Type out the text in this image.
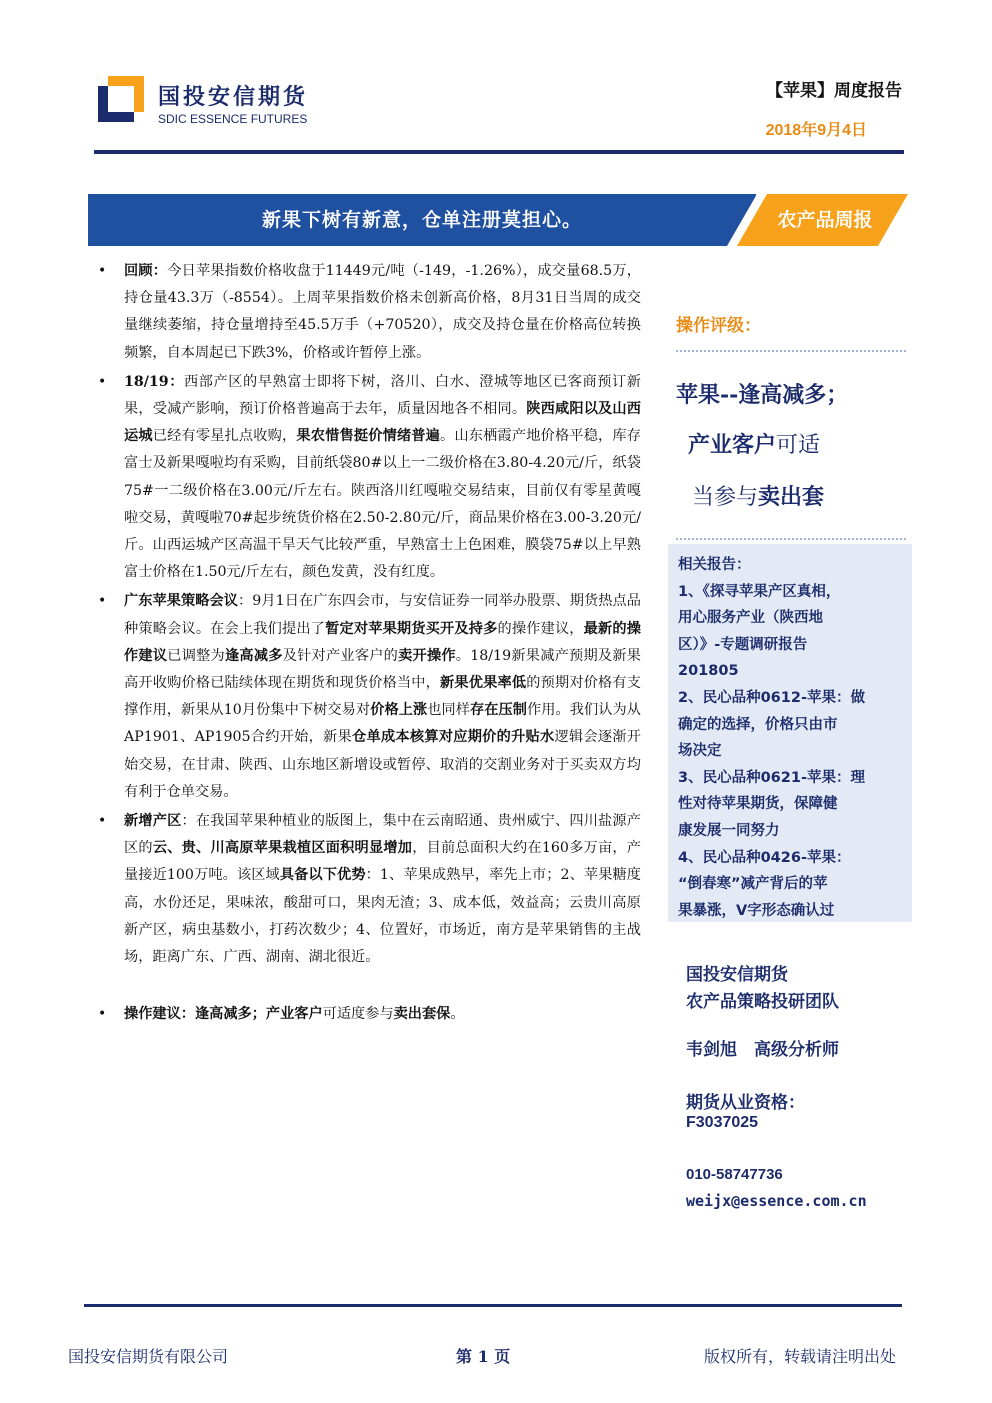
国投安信期货
SDIC ESSENCE FUTURES
【苹果】周度报告
2018年9月4日
新果下树有新意，仓单注册莫担心。	农产品周报
• 回顾：今日苹果指数价格收盘于11449元/吨（-149，-1.26%），成交量68.5万，持仓量43.3万（-8554）。上周苹果指数价格未创新高价格，8月31日当周的成交量继续萎缩，持仓量增持至45.5万手（+70520），成交及持仓量在价格高位转换频繁，自本周起已下跌3%，价格或许暂停上涨。
• 18/19：西部产区的早熟富士即将下树，洛川、白水、澄城等地区已客商预订新果，受减产影响，预订价格普遍高于去年，质量因地各不相同。陕西咸阳以及山西运城已经有零星扎点收购，果农惜售挺价情绪普遍。山东栖霞产地价格平稳，库存富士及新果嘎啦均有采购，目前纸袋80#以上一二级价格在3.80-4.20元/斤，纸袋75#一二级价格在3.00元/斤左右。陕西洛川红嘎啦交易结束，目前仅有零星黄嘎啦交易，黄嘎啦70#起步统货价格在2.50-2.80元/斤，商品果价格在3.00-3.20元/斤。山西运城产区高温干旱天气比较严重，早熟富士上色困难，膜袋75#以上早熟富士价格在1.50元/斤左右，颜色发黄，没有红度。
• 广东苹果策略会议：9月1日在广东四会市，与安信证券一同举办股票、期货热点品种策略会议。在会上我们提出了暂定对苹果期货买开及持多的操作建议，最新的操作建议已调整为逢高减多及针对产业客户的卖开操作。18/19新果减产预期及新果高开收购价格已陆续体现在期货和现货价格当中，新果优果率低的预期对价格有支撑作用，新果从10月份集中下树交易对价格上涨也同样存在压制作用。我们认为从AP1901、AP1905合约开始，新果仓单成本核算对应期价的升贴水逻辑会逐渐开始交易，在甘肃、陕西、山东地区新增设或暂停、取消的交割业务对于买卖双方均有利于仓单交易。
• 新增产区：在我国苹果种植业的版图上，集中在云南昭通、贵州威宁、四川盐源产区的云、贵、川高原苹果栽植区面积明显增加，目前总面积大约在160多万亩，产量接近100万吨。该区域具备以下优势：1、苹果成熟早，率先上市；2、苹果糖度高，水份还足，果味浓，酸甜可口，果肉无渣；3、成本低，效益高；云贵川高原新产区，病虫基数小，打药次数少；4、位置好，市场近，南方是苹果销售的主战场，距离广东、广西、湖南、湖北很近。
• 操作建议：逢高减多；产业客户可适度参与卖出套保。
操作评级：
苹果--逢高减多；
产业客户可适
当参与卖出套
相关报告：
1、《探寻苹果产区真相，
用心服务产业（陕西地
区）》-专题调研报告
201805
2、民心品种0612-苹果：做
确定的选择，价格只由市
场决定
3、民心品种0621-苹果：理
性对待苹果期货，保障健
康发展一同努力
4、民心品种0426-苹果：
“倒春寒”减产背后的苹
果暴涨，V字形态确认过
国投安信期货
农产品策略投研团队
韦剑旭　高级分析师
期货从业资格：
F3037025
010-58747736
weijx@essence.com.cn
国投安信期货有限公司	第 1 页	版权所有，转载请注明出处
